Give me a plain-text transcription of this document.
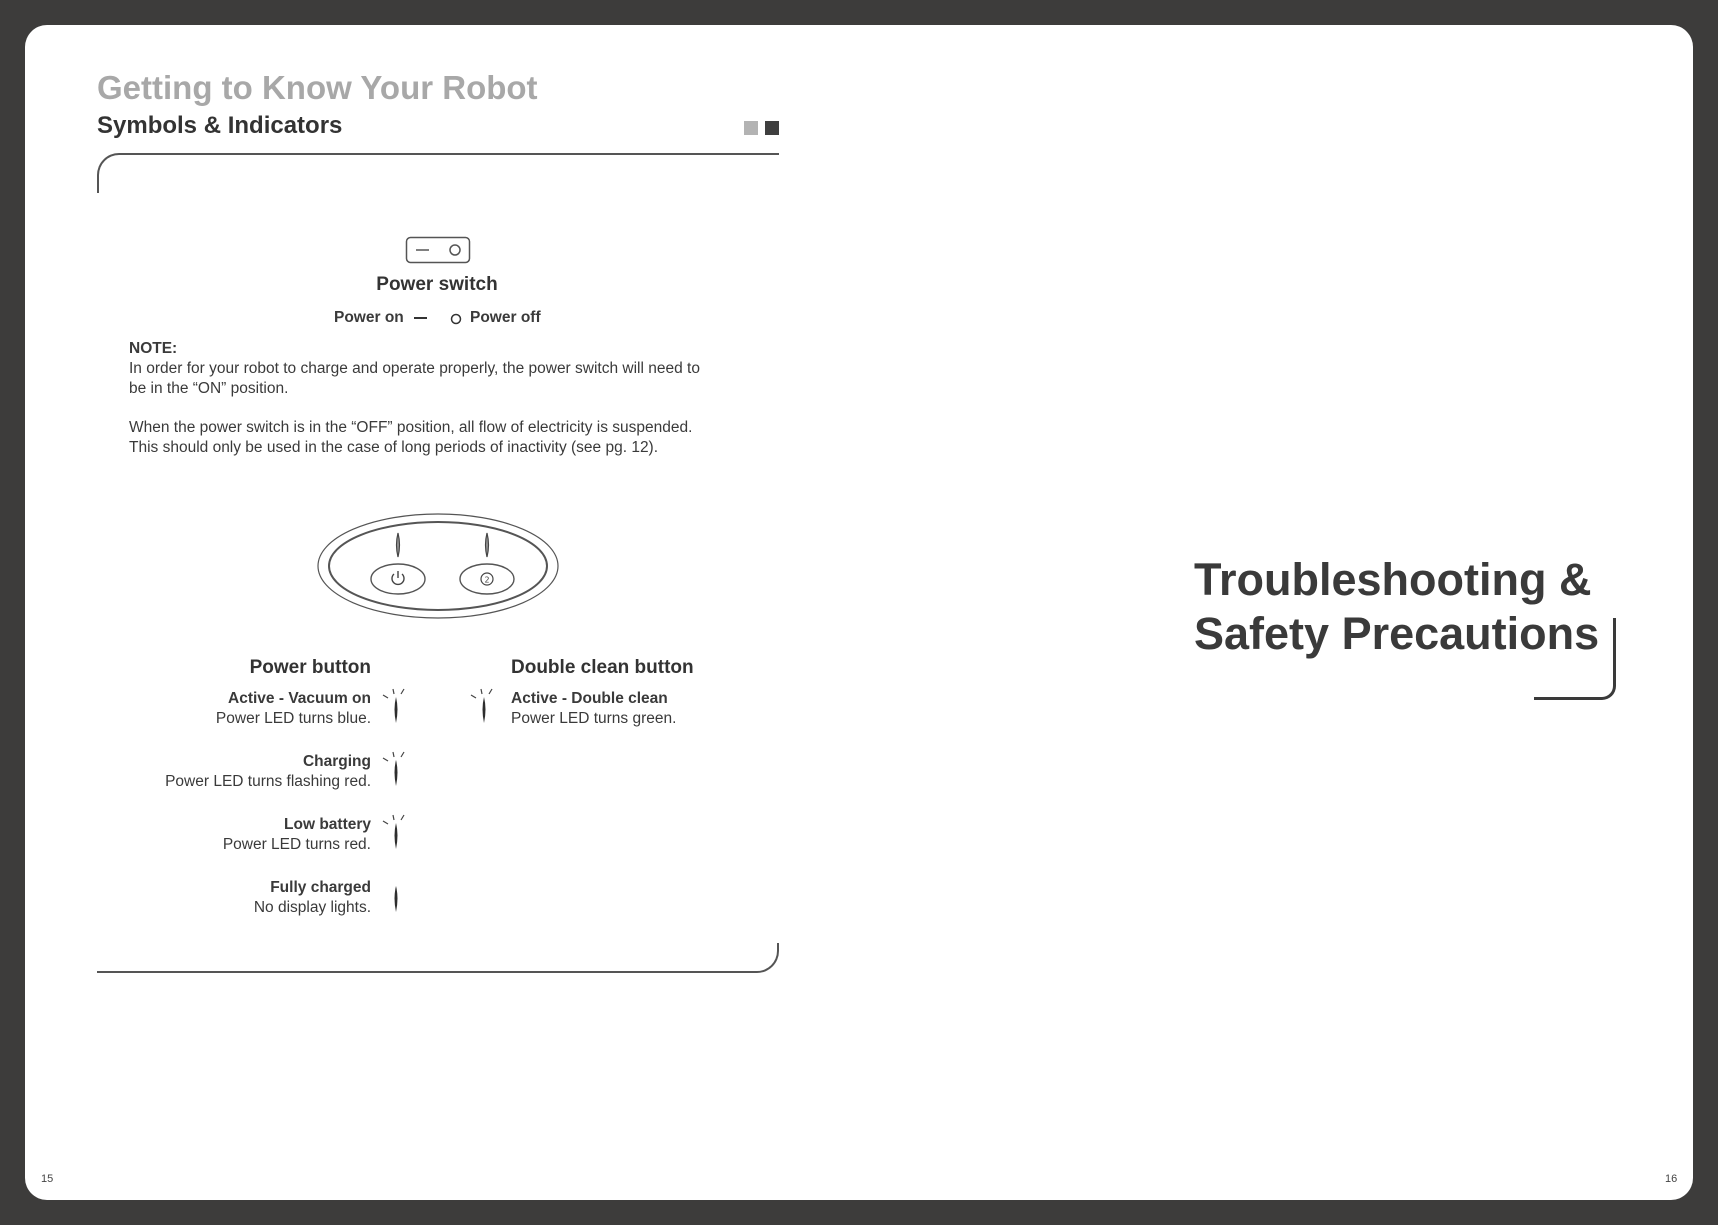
Getting to Know Your Robot
Symbols & Indicators
Power switch
Power on	Power off
NOTE:
In order for your robot to charge and operate properly, the power switch will need to
be in the “ON” position.
When the power switch is in the “OFF” position, all flow of electricity is suspended.
This should only be used in the case of long periods of inactivity (see pg. 12).
2
Power button	Double clean button
Active - Vacuum on
Power LED turns blue.
Charging
Power LED turns flashing red.
Low battery
Power LED turns red.
Fully charged
No display lights.
Active - Double clean
Power LED turns green.
Troubleshooting &
Safety Precautions
15	16
